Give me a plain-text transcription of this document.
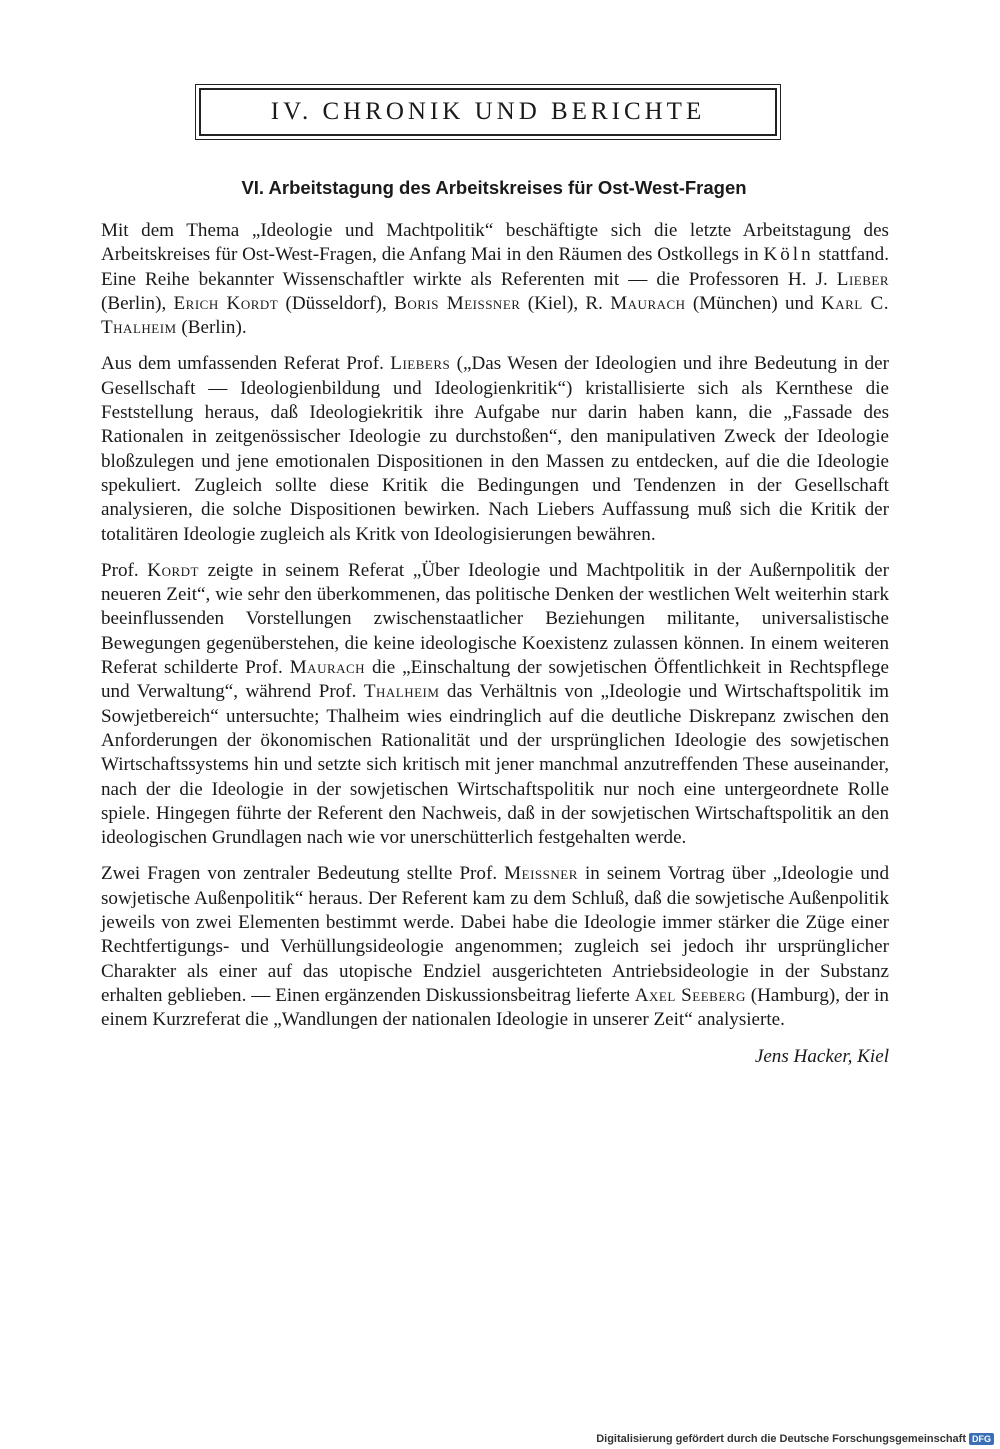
IV. CHRONIK UND BERICHTE
VI. Arbeitstagung des Arbeitskreises für Ost-West-Fragen

Mit dem Thema „Ideologie und Machtpolitik“ beschäftigte sich die letzte Arbeitstagung des Arbeitskreises für Ost-West-Fragen, die Anfang Mai in den Räumen des Ostkollegs in Köln stattfand. Eine Reihe bekannter Wissenschaftler wirkte als Referenten mit — die Professoren H. J. Lieber (Berlin), Erich Kordt (Düsseldorf), Boris Meissner (Kiel), R. Maurach (München) und Karl C. Thalheim (Berlin).

Aus dem umfassenden Referat Prof. Liebers („Das Wesen der Ideologien und ihre Bedeutung in der Gesellschaft — Ideologienbildung und Ideologienkritik“) kristallisierte sich als Kernthese die Feststellung heraus, daß Ideologiekritik ihre Aufgabe nur darin haben kann, die „Fassade des Rationalen in zeitgenössischer Ideologie zu durchstoßen“, den manipulativen Zweck der Ideologie bloßzulegen und jene emotionalen Dispositionen in den Massen zu entdecken, auf die die Ideologie spekuliert. Zugleich sollte diese Kritik die Bedingungen und Tendenzen in der Gesellschaft analysieren, die solche Dispositionen bewirken. Nach Liebers Auffassung muß sich die Kritik der totalitären Ideologie zugleich als Kritk von Ideologisierungen bewähren.

Prof. Kordt zeigte in seinem Referat „Über Ideologie und Machtpolitik in der Außernpolitik der neueren Zeit“, wie sehr den überkommenen, das politische Denken der westlichen Welt weiterhin stark beeinflussenden Vorstellungen zwischenstaatlicher Beziehungen militante, universalistische Bewegungen gegenüberstehen, die keine ideologische Koexistenz zulassen können. In einem weiteren Referat schilderte Prof. Maurach die „Einschaltung der sowjetischen Öffentlichkeit in Rechtspflege und Verwaltung“, während Prof. Thalheim das Verhältnis von „Ideologie und Wirtschaftspolitik im Sowjetbereich“ untersuchte; Thalheim wies eindringlich auf die deutliche Diskrepanz zwischen den Anforderungen der ökonomischen Rationalität und der ursprünglichen Ideologie des sowjetischen Wirtschaftssystems hin und setzte sich kritisch mit jener manchmal anzutreffenden These auseinander, nach der die Ideologie in der sowjetischen Wirtschaftspolitik nur noch eine untergeordnete Rolle spiele. Hingegen führte der Referent den Nachweis, daß in der sowjetischen Wirtschaftspolitik an den ideologischen Grundlagen nach wie vor unerschütterlich festgehalten werde.

Zwei Fragen von zentraler Bedeutung stellte Prof. Meissner in seinem Vortrag über „Ideologie und sowjetische Außenpolitik“ heraus. Der Referent kam zu dem Schluß, daß die sowjetische Außenpolitik jeweils von zwei Elementen bestimmt werde. Dabei habe die Ideologie immer stärker die Züge einer Rechtfertigungs- und Verhüllungsideologie angenommen; zugleich sei jedoch ihr ursprünglicher Charakter als einer auf das utopische Endziel ausgerichteten Antriebsideologie in der Substanz erhalten geblieben. — Einen ergänzenden Diskussionsbeitrag lieferte Axel Seeberg (Hamburg), der in einem Kurzreferat die „Wandlungen der nationalen Ideologie in unserer Zeit“ analysierte.

Jens Hacker, Kiel

Digitalisierung gefördert durch die Deutsche Forschungsgemeinschaft DFG
